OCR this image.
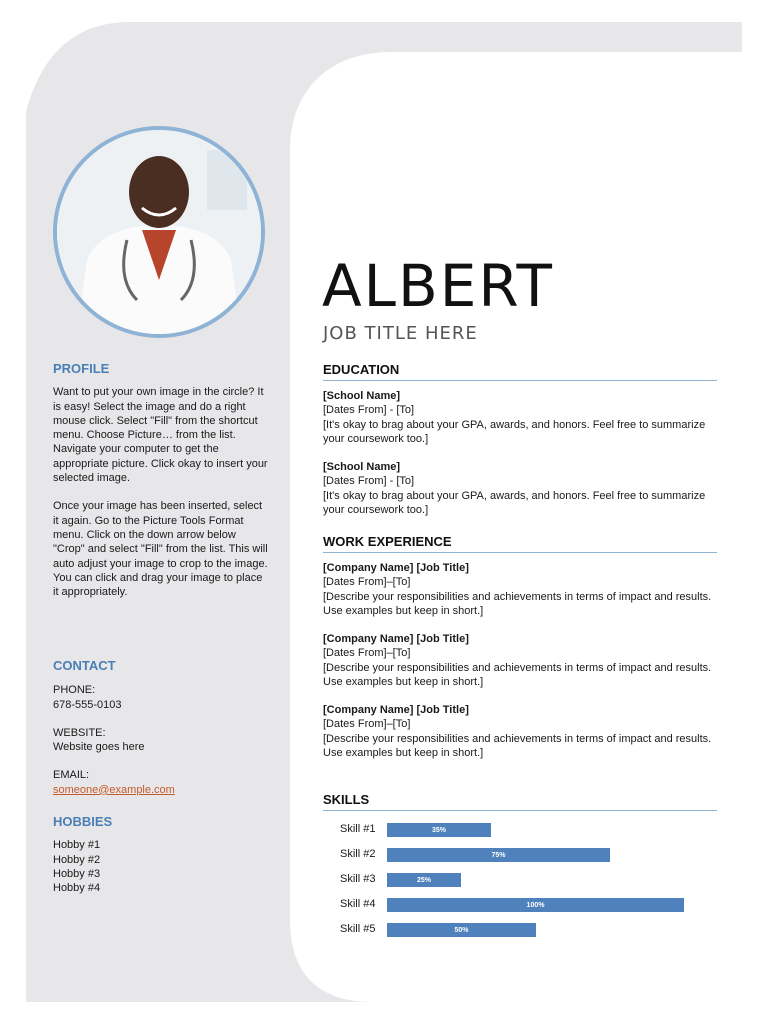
PROFILE

Want to put your own image in the circle? It is easy! Select the image and do a right mouse click. Select "Fill" from the shortcut menu. Choose Picture… from the list. Navigate your computer to get the appropriate picture. Click okay to insert your selected image.

Once your image has been inserted, select it again. Go to the Picture Tools Format menu. Click on the down arrow below "Crop" and select "Fill" from the list. This will auto adjust your image to crop to the image. You can click and drag your image to place it appropriately.

CONTACT

PHONE:

678-555-0103

WEBSITE:

Website goes here

EMAIL:

someone@example.com

HOBBIES

Hobby #1

Hobby #2

Hobby #3

Hobby #4

ALBERT
JOB TITLE HERE
EDUCATION
[School Name]
[Dates From] - [To]
[It's okay to brag about your GPA, awards, and honors. Feel free to summarize your coursework too.]
[School Name]
[Dates From] - [To]
[It's okay to brag about your GPA, awards, and honors. Feel free to summarize your coursework too.]
WORK EXPERIENCE
[Company Name] [Job Title]
[Dates From]–[To]
[Describe your responsibilities and achievements in terms of impact and results. Use examples but keep in short.]
[Company Name] [Job Title]
[Dates From]–[To]
[Describe your responsibilities and achievements in terms of impact and results. Use examples but keep in short.]
[Company Name] [Job Title]
[Dates From]–[To]
[Describe your responsibilities and achievements in terms of impact and results. Use examples but keep in short.]
SKILLS
Skill #1	35%
Skill #2	75%
Skill #3	25%
Skill #4	100%
Skill #5	50%
